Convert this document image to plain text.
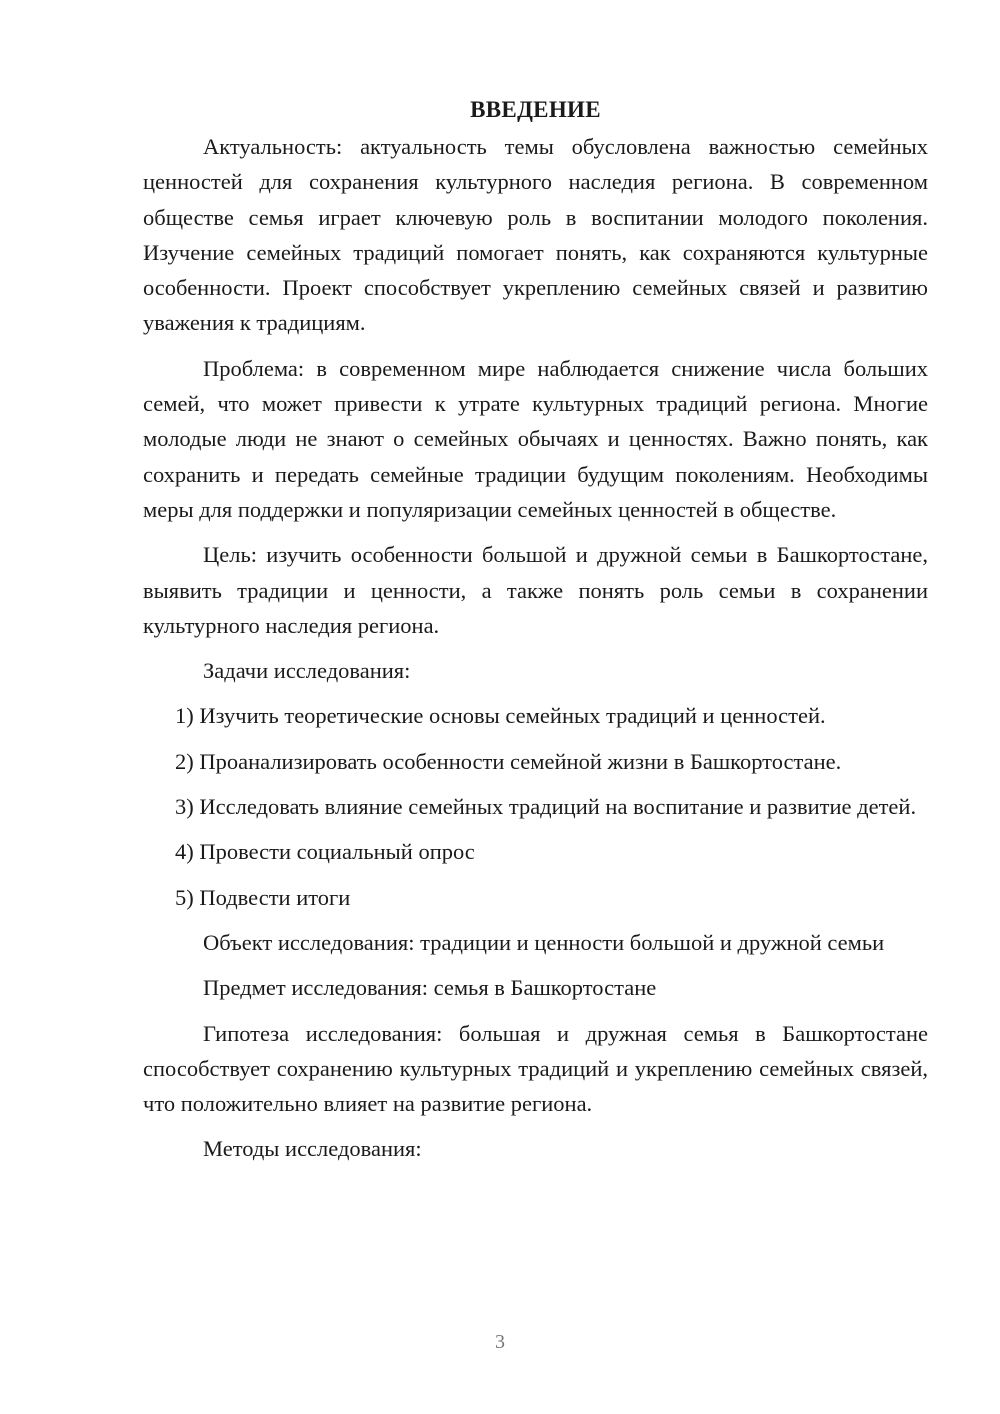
ВВЕДЕНИЕ

Актуальность: актуальность темы обусловлена важностью семейных ценностей для сохранения культурного наследия региона. В современном обществе семья играет ключевую роль в воспитании молодого поколения. Изучение семейных традиций помогает понять, как сохраняются культурные особенности. Проект способствует укреплению семейных связей и развитию уважения к традициям.

Проблема: в современном мире наблюдается снижение числа больших семей, что может привести к утрате культурных традиций региона. Многие молодые люди не знают о семейных обычаях и ценностях. Важно понять, как сохранить и передать семейные традиции будущим поколениям. Необходимы меры для поддержки и популяризации семейных ценностей в обществе.

Цель: изучить особенности большой и дружной семьи в Башкортостане, выявить традиции и ценности, а также понять роль семьи в сохранении культурного наследия региона.

Задачи исследования:

1) Изучить теоретические основы семейных традиций и ценностей.

2) Проанализировать особенности семейной жизни в Башкортостане.

3) Исследовать влияние семейных традиций на воспитание и развитие детей.

4) Провести социальный опрос

5) Подвести итоги

Объект исследования: традиции и ценности большой и дружной семьи

Предмет исследования: семья в Башкортостане

Гипотеза исследования: большая и дружная семья в Башкортостане способствует сохранению культурных традиций и укреплению семейных связей, что положительно влияет на развитие региона.

Методы исследования:

3
